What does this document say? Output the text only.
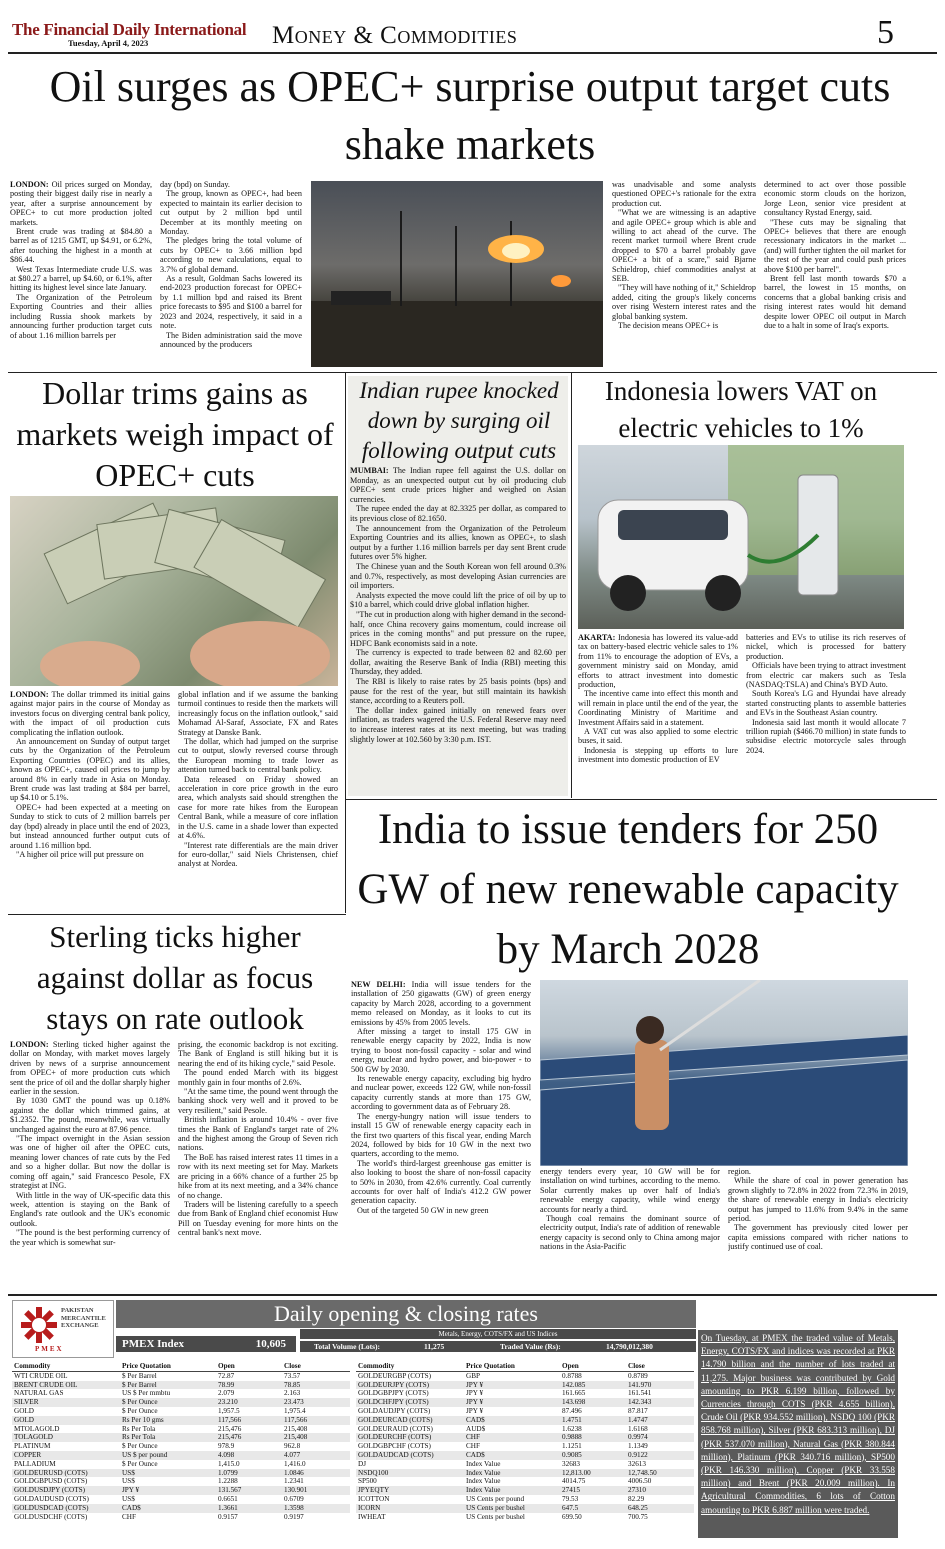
The Financial Daily International
Tuesday, April 4, 2023	Money & Commodities	5
Oil surges as OPEC+ surprise output target cuts shake markets

LONDON: Oil prices surged on Monday, posting their biggest daily rise in nearly a year, after a surprise announcement by OPEC+ to cut more production jolted markets.

Brent crude was trading at $84.80 a barrel as of 1215 GMT, up $4.91, or 6.2%, after touching the highest in a month at $86.44.

West Texas Intermediate crude U.S. was at $80.27 a barrel, up $4.60, or 6.1%, after hitting its highest level since late January.

The Organization of the Petroleum Exporting Countries and their allies including Russia shook markets by announcing further production target cuts of about 1.16 million barrels per

day (bpd) on Sunday.

The group, known as OPEC+, had been expected to maintain its earlier decision to cut output by 2 million bpd until December at its monthly meeting on Monday.

The pledges bring the total volume of cuts by OPEC+ to 3.66 million bpd according to new calculations, equal to 3.7% of global demand.

As a result, Goldman Sachs lowered its end-2023 production forecast for OPEC+ by 1.1 million bpd and raised its Brent price forecasts to $95 and $100 a barrel for 2023 and 2024, respectively, it said in a note.

The Biden administration said the move announced by the producers

was unadvisable and some analysts questioned OPEC+'s rationale for the extra production cut.

"What we are witnessing is an adaptive and agile OPEC+ group which is able and willing to act ahead of the curve. The recent market turmoil where Brent crude dropped to $70 a barrel probably gave OPEC+ a bit of a scare," said Bjarne Schieldrop, chief commodities analyst at SEB.

"They will have nothing of it," Schieldrop added, citing the group's likely concerns over rising Western interest rates and the global banking system.

The decision means OPEC+ is

determined to act over those possible economic storm clouds on the horizon, Jorge Leon, senior vice president at consultancy Rystad Energy, said.

"These cuts may be signaling that OPEC+ believes that there are enough recessionary indicators in the market ... (and) will further tighten the oil market for the rest of the year and could push prices above $100 per barrel".

Brent fell last month towards $70 a barrel, the lowest in 15 months, on concerns that a global banking crisis and rising interest rates would hit demand despite lower OPEC oil output in March due to a halt in some of Iraq's exports.

Dollar trims gains as markets weigh impact of OPEC+ cuts

LONDON: The dollar trimmed its initial gains against major pairs in the course of Monday as investors focus on diverging central bank policy, with the impact of oil production cuts complicating the inflation outlook.

An announcement on Sunday of output target cuts by the Organization of the Petroleum Exporting Countries (OPEC) and its allies, known as OPEC+, caused oil prices to jump by around 8% in early trade in Asia on Monday. Brent crude was last trading at $84 per barrel, up $4.10 or 5.1%.

OPEC+ had been expected at a meeting on Sunday to stick to cuts of 2 million barrels per day (bpd) already in place until the end of 2023, but instead announced further output cuts of around 1.16 million bpd.

"A higher oil price will put pressure on

global inflation and if we assume the banking turmoil continues to reside then the markets will increasingly focus on the inflation outlook," said Mohamad Al-Saraf, Associate, FX and Rates Strategy at Danske Bank.

The dollar, which had jumped on the surprise cut to output, slowly reversed course through the European morning to trade lower as attention turned back to central bank policy.

Data released on Friday showed an acceleration in core price growth in the euro area, which analysts said should strengthen the case for more rate hikes from the European Central Bank, while a measure of core inflation in the U.S. came in a shade lower than expected at 4.6%.

"Interest rate differentials are the main driver for euro-dollar," said Niels Christensen, chief analyst at Nordea.

Indian rupee knocked down by surging oil following output cuts

MUMBAI: The Indian rupee fell against the U.S. dollar on Monday, as an unexpected output cut by oil producing club OPEC+ sent crude prices higher and weighed on Asian currencies.

The rupee ended the day at 82.3325 per dollar, as compared to its previous close of 82.1650.

The announcement from the Organization of the Petroleum Exporting Countries and its allies, known as OPEC+, to slash output by a further 1.16 million barrels per day sent Brent crude futures over 5% higher.

The Chinese yuan and the South Korean won fell around 0.3% and 0.7%, respectively, as most developing Asian currencies are oil importers.

Analysts expected the move could lift the price of oil by up to $10 a barrel, which could drive global inflation higher.

"The cut in production along with higher demand in the second-half, once China recovery gains momentum, could increase oil prices in the coming months" and put pressure on the rupee, HDFC Bank economists said in a note.

The currency is expected to trade between 82 and 82.60 per dollar, awaiting the Reserve Bank of India (RBI) meeting this Thursday, they added.

The RBI is likely to raise rates by 25 basis points (bps) and pause for the rest of the year, but still maintain its hawkish stance, according to a Reuters poll.

The dollar index gained initially on renewed fears over inflation, as traders wagered the U.S. Federal Reserve may need to increase interest rates at its next meeting, but was trading slightly lower at 102.560 by 3:30 p.m. IST.

Indonesia lowers VAT on electric vehicles to 1%

AKARTA: Indonesia has lowered its value-add tax on battery-based electric vehicle sales to 1% from 11% to encourage the adoption of EVs, a government ministry said on Monday, amid efforts to attract investment into domestic production,

The incentive came into effect this month and will remain in place until the end of the year, the Coordinating Ministry of Maritime and Investment Affairs said in a statement.

A VAT cut was also applied to some electric buses, it said.

Indonesia is stepping up efforts to lure investment into domestic production of EV

batteries and EVs to utilise its rich reserves of nickel, which is processed for battery production.

Officials have been trying to attract investment from electric car makers such as Tesla (NASDAQ:TSLA) and China's BYD Auto.

South Korea's LG and Hyundai have already started constructing plants to assemble batteries and EVs in the Southeast Asian country.

Indonesia said last month it would allocate 7 trillion rupiah ($466.70 million) in state funds to subsidise electric motorcycle sales through 2024.

India to issue tenders for 250 GW of new renewable capacity by March 2028

NEW DELHI: India will issue tenders for the installation of 250 gigawatts (GW) of green energy capacity by March 2028, according to a government memo released on Monday, as it looks to cut its emissions by 45% from 2005 levels.

After missing a target to install 175 GW in renewable energy capacity by 2022, India is now trying to boost non-fossil capacity - solar and wind energy, nuclear and hydro power, and bio-power - to 500 GW by 2030.

Its renewable energy capacity, excluding big hydro and nuclear power, exceeds 122 GW, while non-fossil capacity currently stands at more than 175 GW, according to government data as of February 28.

The energy-hungry nation will issue tenders to install 15 GW of renewable energy capacity each in the first two quarters of this fiscal year, ending March 2024, followed by bids for 10 GW in the next two quarters, according to the memo.

The world's third-largest greenhouse gas emitter is also looking to boost the share of non-fossil capacity to 50% in 2030, from 42.6% currently. Coal currently accounts for over half of India's 412.2 GW power generation capacity.

Out of the targeted 50 GW in new green

energy tenders every year, 10 GW will be for installation on wind turbines, according to the memo. Solar currently makes up over half of India's renewable energy capacity, while wind energy accounts for nearly a third.

Though coal remains the dominant source of electricity output, India's rate of addition of renewable energy capacity is second only to China among major nations in the Asia-Pacific

region.

While the share of coal in power generation has grown slightly to 72.8% in 2022 from 72.3% in 2019, the share of renewable energy in India's electricity output has jumped to 11.6% from 9.4% in the same period.

The government has previously cited lower per capita emissions compared with richer nations to justify continued use of coal.

Sterling ticks higher against dollar as focus stays on rate outlook

LONDON: Sterling ticked higher against the dollar on Monday, with market moves largely driven by news of a surprise announcement from OPEC+ of more production cuts which sent the price of oil and the dollar sharply higher earlier in the session.

By 1030 GMT the pound was up 0.18% against the dollar which trimmed gains, at $1.2352. The pound, meanwhile, was virtually unchanged against the euro at 87.96 pence.

"The impact overnight in the Asian session was one of higher oil after the OPEC cuts, meaning lower chances of rate cuts by the Fed and so a higher dollar. But now the dollar is coming off again," said Francesco Pesole, FX strategist at ING.

With little in the way of UK-specific data this week, attention is staying on the Bank of England's rate outlook and the UK's economic outlook.

"The pound is the best performing currency of the year which is somewhat sur-

prising, the economic backdrop is not exciting. The Bank of England is still hiking but it is nearing the end of its hiking cycle," said Pesole.

The pound ended March with its biggest monthly gain in four months of 2.6%.

"At the same time, the pound went through the banking shock very well and it proved to be very resilient," said Pesole.

British inflation is around 10.4% - over five times the Bank of England's target rate of 2% and the highest among the Group of Seven rich nations.

The BoE has raised interest rates 11 times in a row with its next meeting set for May. Markets are pricing in a 66% chance of a further 25 bp hike from at its next meeting, and a 34% chance of no change.

Traders will be listening carefully to a speech due from Bank of England chief economist Huw Pill on Tuesday evening for more hints on the central bank's next move.

PAKISTAN MERCANTILE EXCHANGE
PMEX
Daily opening & closing rates
PMEX Index	10,605
Metals, Energy, COTS/FX and US Indices
Total Volume (Lots):	11,275	Traded Value (Rs):	14,790,012,380
Commodity	Price Quotation	Open	Close
WTI CRUDE OIL	$ Per Barrel	72.87	73.57
BRENT CRUDE OIL	$ Per Barrel	78.99	78.85
NATURAL GAS	US $ Per mmbtu	2.079	2.163
SILVER	$ Per Ounce	23.210	23.473
GOLD	$ Per Ounce	1,957.5	1,975.4
GOLD	Rs Per 10 gms	117,566	117,566
MTOLAGOLD	Rs Per Tola	215,476	215,408
TOLAGOLD	Rs Per Tola	215,476	215,408
PLATINUM	$ Per Ounce	978.9	962.8
COPPER	US $ per pound	4.098	4.077
PALLADIUM	$ Per Ounce	1,415.0	1,416.0
GOLDEURUSD (COTS)	US$	1.0799	1.0846
GOLDGBPUSD (COTS)	US$	1.2288	1.2341
GOLDUSDJPY (COTS)	JPY ¥	131.567	130.901
GOLDAUDUSD (COTS)	US$	0.6651	0.6709
GOLDUSDCAD (COTS)	CAD$	1.3661	1.3598
GOLDUSDCHF (COTS)	CHF	0.9157	0.9197
Commodity	Price Quotation	Open	Close
GOLDEURGBP (COTS)	GBP	0.8788	0.8789
GOLDEURJPY (COTS)	JPY ¥	142.085	141.970
GOLDGBPJPY (COTS)	JPY ¥	161.665	161.541
GOLDCHFJPY (COTS)	JPY ¥	143.698	142.343
GOLDAUDJPY (COTS)	JPY ¥	87.496	87.817
GOLDEURCAD (COTS)	CAD$	1.4751	1.4747
GOLDEURAUD (COTS)	AUD$	1.6238	1.6168
GOLDEURCHF (COTS)	CHF	0.9888	0.9974
GOLDGBPCHF (COTS)	CHF	1.1251	1.1349
GOLDAUDCAD (COTS)	CAD$	0.9085	0.9122
DJ	Index Value	32683	32613
NSDQ100	Index Value	12,813.00	12,748.50
SP500	Index Value	4014.75	4006.50
JPYEQTY	Index Value	27415	27310
ICOTTON	US Cents per pound	79.53	82.29
ICORN	US Cents per bushel	647.5	648.25
IWHEAT	US Cents per bushel	699.50	700.75
On Tuesday, at PMEX the traded value of Metals, Energy, COTS/FX and indices was recorded at PKR 14.790 billion and the number of lots traded at 11,275. Major business was contributed by Gold amounting to PKR 6.199 billion, followed by Currencies through COTS (PKR 4.655 billion), Crude Oil (PKR 934.552 million), NSDQ 100 (PKR 858.768 million), Silver (PKR 683.313 million), DJ (PKR 537.070 million), Natural Gas (PKR 380.844 million), Platinum (PKR 340.716 million), SP500 (PKR 146.330 million), Copper (PKR 33.558 million) and Brent (PKR 20.009 million). In Agricultural Commodities, 6 lots of Cotton amounting to PKR 6.887 million were traded.
